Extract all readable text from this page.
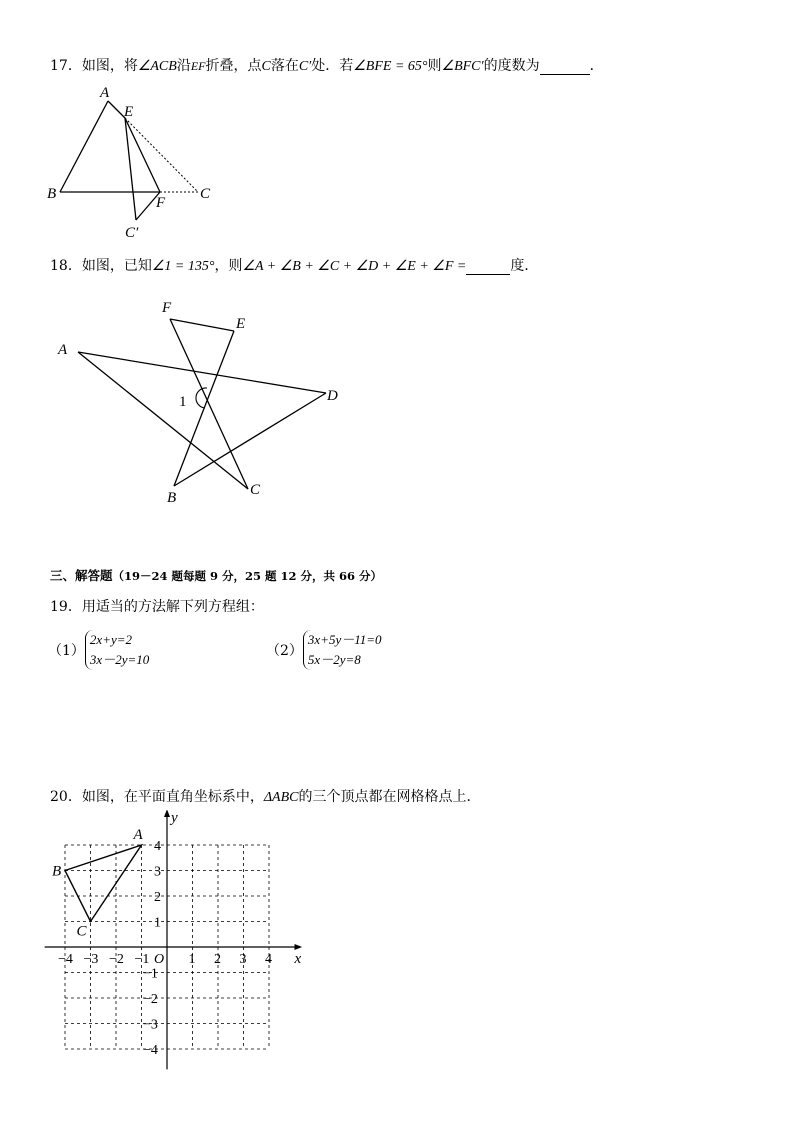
17．如图，将∠ACB沿EF折叠，点C落在C′处．若∠BFE = 65°则∠BFC′的度数为	．
A
E
B
F
C
C′
18．如图，已知∠1 = 135°，则∠A + ∠B + ∠C + ∠D + ∠E + ∠F =	度．
F
E
A
D
1
B	C
三、解答题（19－24 题每题 9 分，25 题 12 分，共 66 分）
19．用适当的方法解下列方程组：
（1）2x+y=2
3x－2y=10
（2）3x+5y－11=0
5x－2y=8
20．如图，在平面直角坐标系中，ΔABC的三个顶点都在网格格点上．
−4 −3 −2 −1	1 2 3 4
4
3
2
1
−1
−2
−3
−4
O	x
y
A
B
C
